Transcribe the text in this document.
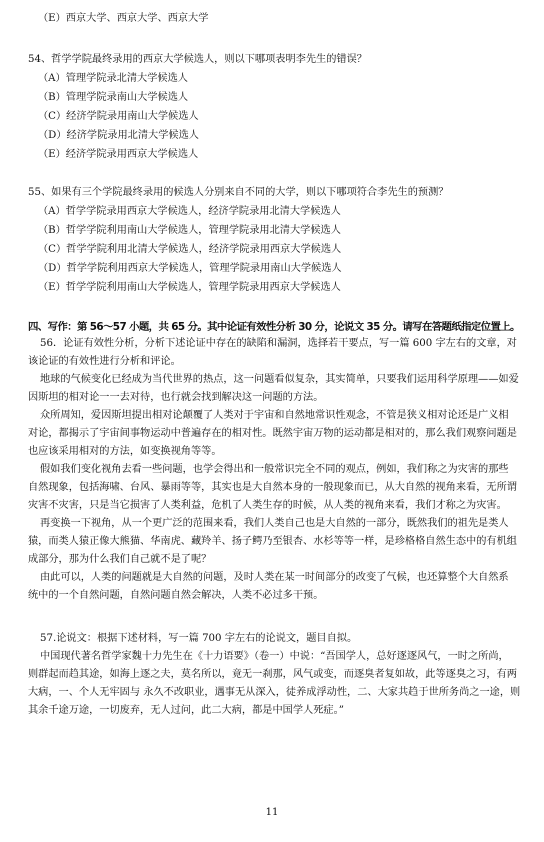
（E）西京大学、西京大学、西京大学
54、哲学学院最终录用的西京大学候选人，则以下哪项表明李先生的错误？
（A）管理学院录北清大学候选人
（B）管理学院录南山大学候选人
（C）经济学院录用南山大学候选人
（D）经济学院录用北清大学候选人
（E）经济学院录用西京大学候选人
55、如果有三个学院最终录用的候选人分别来自不同的大学，则以下哪项符合李先生的预测？
（A）哲学学院录用西京大学候选人，经济学院录用北清大学候选人
（B）哲学学院利用南山大学候选人，管理学院录用北清大学候选人
（C）哲学学院利用北清大学候选人，经济学院录用西京大学候选人
（D）哲学学院利用西京大学候选人，管理学院录用南山大学候选人
（E）哲学学院利用南山大学候选人，管理学院录用西京大学候选人
四、写作：第 56～57 小题，共 65 分。其中论证有效性分析 30 分，论说文 35 分。请写在答题纸指定位置上。
56．论证有效性分析，分析下述论证中存在的缺陷和漏洞，选择若干要点，写一篇 600 字左右的文章，对
该论证的有效性进行分析和评论。
地球的气候变化已经成为当代世界的热点，这一问题看似复杂，其实简单，只要我们运用科学原理——如爱
因斯坦的相对论一一去对待，也行就会找到解决这一问题的方法。
众所周知，爱因斯坦提出相对论颠覆了人类对于宇宙和自然地常识性观念，不管是狭义相对论还是广义相
对论，都揭示了宇宙间事物运动中普遍存在的相对性。既然宇宙万物的运动都是相对的，那么我们观察问题是
也应该采用相对的方法，如变换视角等等。
假如我们变化视角去看一些问题，也学会得出和一般常识完全不同的观点，例如，我们称之为灾害的那些
自然现象，包括海啸、台风、暴雨等等，其实也是大自然本身的一般现象而已，从大自然的视角来看，无所谓
灾害不灾害，只是当它损害了人类利益，危机了人类生存的时候，从人类的视角来看，我们才称之为灾害。
再变换一下视角，从一个更广泛的范围来看，我们人类自己也是大自然的一部分，既然我们的祖先是类人
猿，而类人猿正像大熊猫、华南虎、藏羚羊、扬子鳄乃至银杏、水杉等等一样，是珍格格自然生态中的有机组
成部分，那为什么我们自己就不是了呢？
由此可以，人类的问题就是大自然的问题，及时人类在某一时间部分的改变了气候，也还算整个大自然系
统中的一个自然问题，自然问题自然会解决，人类不必过多干预。
57.论说文：根据下述材料，写一篇 700 字左右的论说文，题目自拟。
中国现代著名哲学家魏十力先生在《十力语要》（卷一）中说：“吾国学人，总好逐逐风气，一时之所尚，
则群起而趋其途，如海上逐之夫，莫名所以，竟无一刹那，风气或变，而逐臭者复如故，此等逐臭之习，有两
大病，一、个人无牢固与 永久不改职业，遇事无从深入，徒养成浮动性，二、大家共趋于世所务尚之一途，则
其余千途万途，一切废弃，无人过问，此二大病，都是中国学人死症。”
11
